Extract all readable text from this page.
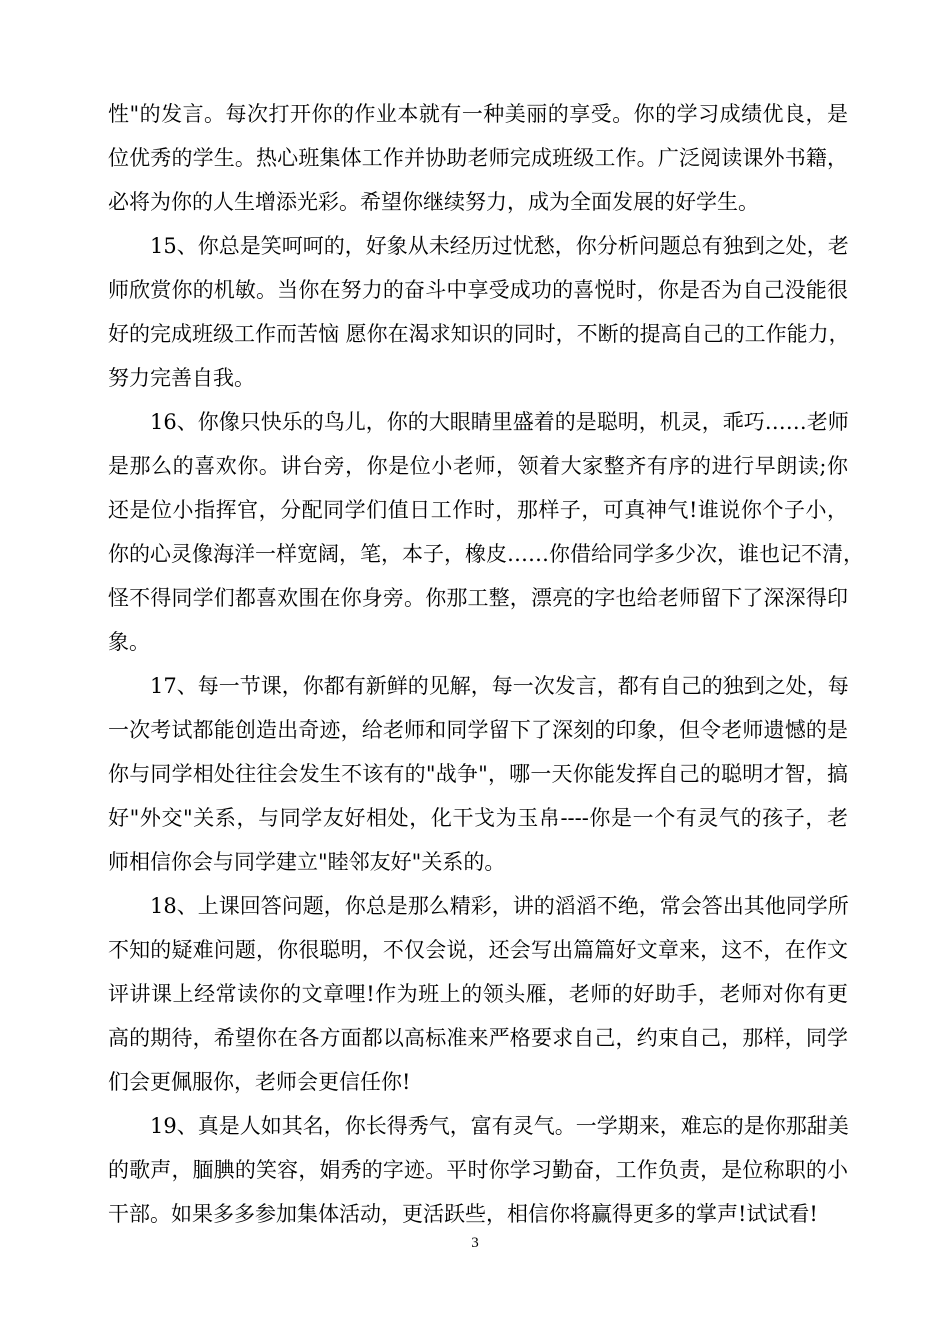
性"的发言。每次打开你的作业本就有一种美丽的享受。你的学习成绩优良，是
位优秀的学生。热心班集体工作并协助老师完成班级工作。广泛阅读课外书籍，
必将为你的人生增添光彩。希望你继续努力，成为全面发展的好学生。
15、你总是笑呵呵的，好象从未经历过忧愁，你分析问题总有独到之处，老
师欣赏你的机敏。当你在努力的奋斗中享受成功的喜悦时，你是否为自己没能很
好的完成班级工作而苦恼 愿你在渴求知识的同时，不断的提高自己的工作能力，
努力完善自我。
16、你像只快乐的鸟儿，你的大眼睛里盛着的是聪明，机灵，乖巧……老师
是那么的喜欢你。讲台旁，你是位小老师，领着大家整齐有序的进行早朗读;你
还是位小指挥官，分配同学们值日工作时，那样子，可真神气!谁说你个子小，
你的心灵像海洋一样宽阔，笔，本子，橡皮……你借给同学多少次，谁也记不清，
怪不得同学们都喜欢围在你身旁。你那工整，漂亮的字也给老师留下了深深得印
象。
17、每一节课，你都有新鲜的见解，每一次发言，都有自己的独到之处，每
一次考试都能创造出奇迹，给老师和同学留下了深刻的印象，但令老师遗憾的是
你与同学相处往往会发生不该有的"战争"，哪一天你能发挥自己的聪明才智，搞
好"外交"关系，与同学友好相处，化干戈为玉帛----你是一个有灵气的孩子，老
师相信你会与同学建立"睦邻友好"关系的。
18、上课回答问题，你总是那么精彩，讲的滔滔不绝，常会答出其他同学所
不知的疑难问题，你很聪明，不仅会说，还会写出篇篇好文章来，这不，在作文
评讲课上经常读你的文章哩!作为班上的领头雁，老师的好助手，老师对你有更
高的期待，希望你在各方面都以高标准来严格要求自己，约束自己，那样，同学
们会更佩服你，老师会更信任你!
19、真是人如其名，你长得秀气，富有灵气。一学期来，难忘的是你那甜美
的歌声，腼腆的笑容，娟秀的字迹。平时你学习勤奋，工作负责，是位称职的小
干部。如果多多参加集体活动，更活跃些，相信你将赢得更多的掌声!试试看!
3
